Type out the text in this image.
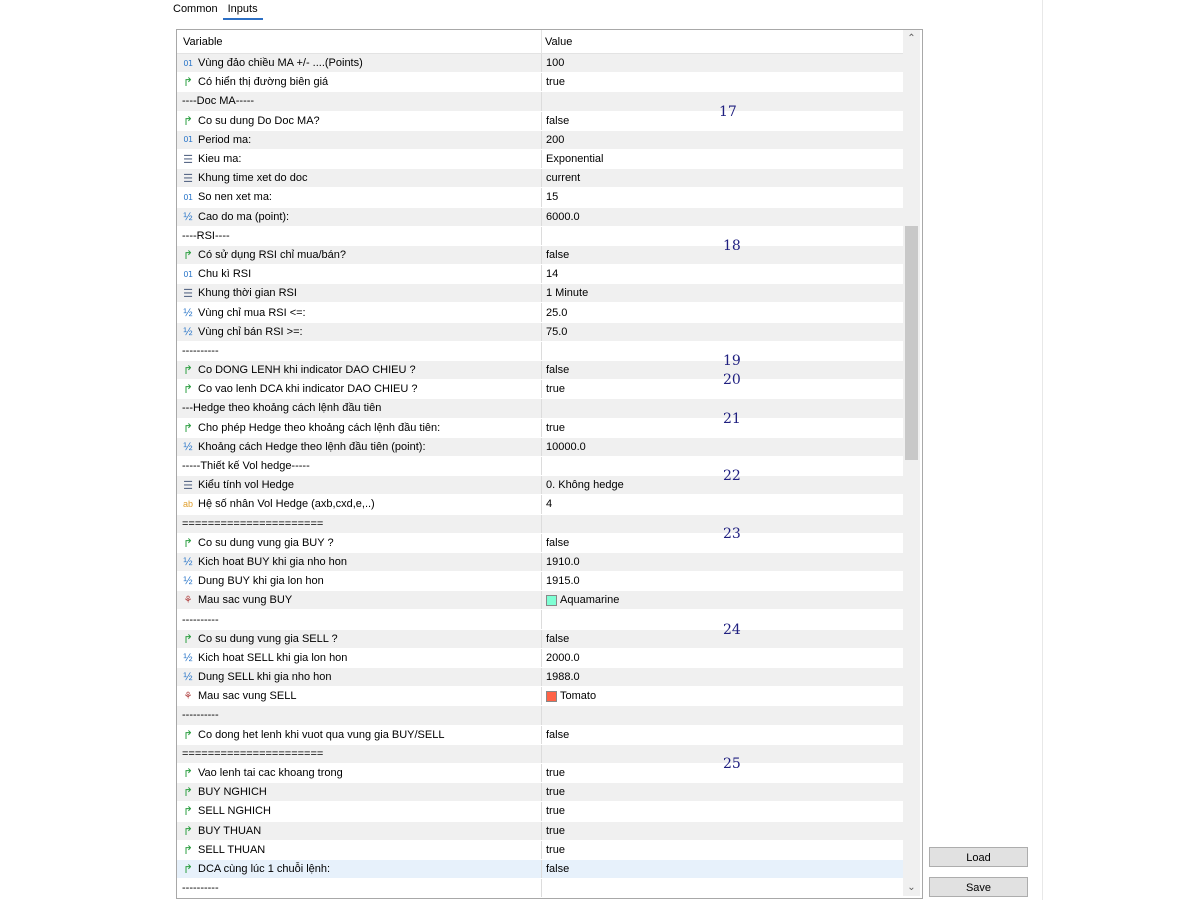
Common Inputs
Variable	Value
01 Vùng đảo chiều MA +/- ....(Points)	100
↱ Có hiển thị đường biên giá	true
----Doc MA-----
↱ Co su dung Do Doc MA?	false
01 Period ma:	200
☰ Kieu ma:	Exponential
☰ Khung time xet do doc	current
01 So nen xet ma:	15
½ Cao do ma (point):	6000.0
----RSI----
↱ Có sử dụng RSI chỉ mua/bán?	false
01 Chu kì RSI	14
☰ Khung thời gian RSI	1 Minute
½ Vùng chỉ mua RSI <=:	25.0
½ Vùng chỉ bán RSI >=:	75.0
----------
↱ Co DONG LENH khi indicator DAO CHIEU ?	false
↱ Co vao lenh DCA khi indicator DAO CHIEU ?	true
---Hedge theo khoảng cách lệnh đầu tiên
↱ Cho phép Hedge theo khoảng cách lệnh đầu tiên:	true
½ Khoảng cách Hedge theo lệnh đầu tiên (point):	10000.0
-----Thiết kế Vol hedge-----
☰ Kiểu tính vol Hedge	0. Không hedge
ab Hệ số nhân Vol Hedge (axb,cxd,e,..)	4
======================
↱ Co su dung vung gia BUY ?	false
½ Kich hoat BUY khi gia nho hon	1910.0
½ Dung BUY khi gia lon hon	1915.0
⚘ Mau sac vung BUY	Aquamarine
----------
↱ Co su dung vung gia SELL ?	false
½ Kich hoat SELL khi gia lon hon	2000.0
½ Dung SELL khi gia nho hon	1988.0
⚘ Mau sac vung SELL	Tomato
----------
↱ Co dong het lenh khi vuot qua vung gia BUY/SELL	false
======================
↱ Vao lenh tai cac khoang trong	true
↱ BUY NGHICH	true
↱ SELL NGHICH	true
↱ BUY THUAN	true
↱ SELL THUAN	true
↱ DCA cùng lúc 1 chuỗi lệnh:	false
----------
⌃
⌄
17
18
19
20
21
22
23
24
25
Load
Save
